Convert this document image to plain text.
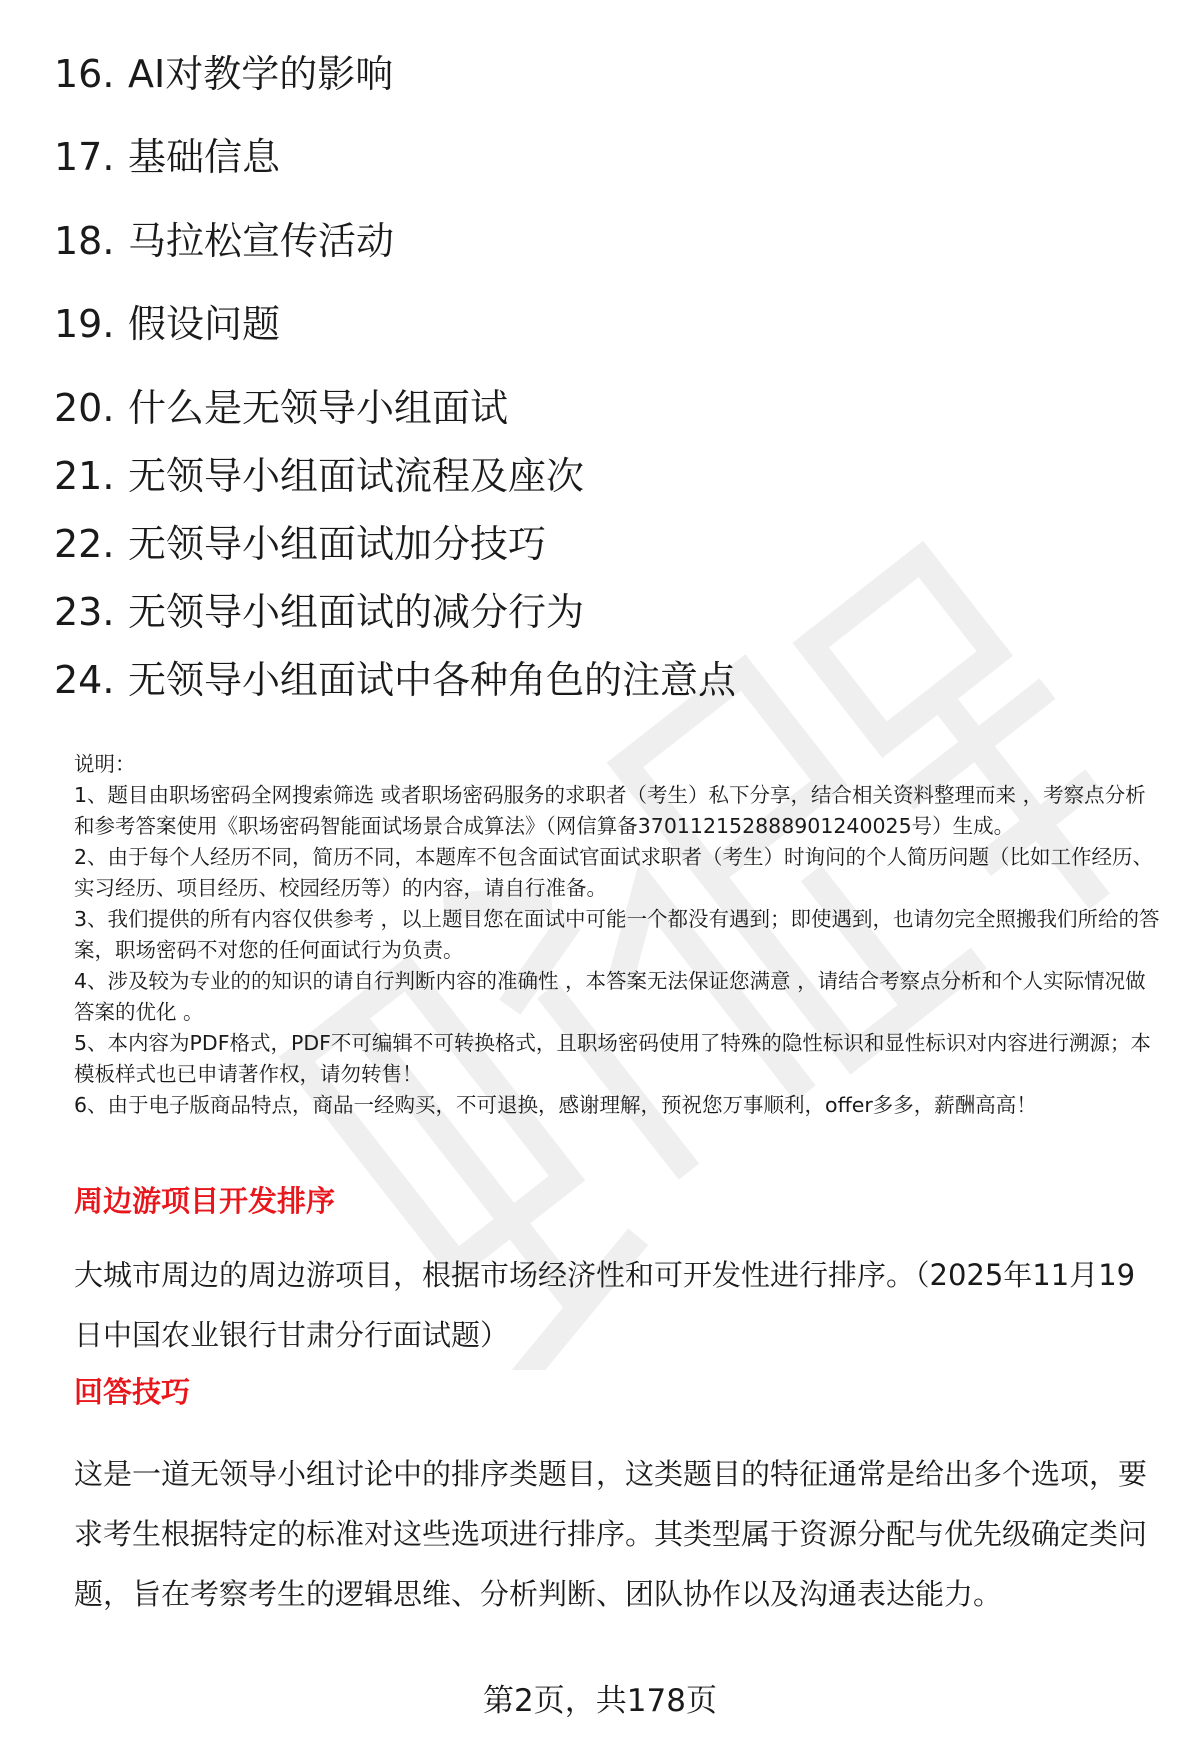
16. AI对教学的影响
17. 基础信息
18. 马拉松宣传活动
19. 假设问题
20. 什么是无领导小组面试
21. 无领导小组面试流程及座次
22. 无领导小组面试加分技巧
23. 无领导小组面试的减分行为
24. 无领导小组面试中各种角色的注意点

说明：

1、题目由职场密码全网搜索筛选 或者职场密码服务的求职者（考生）私下分享，结合相关资料整理而来 ，考察点分析和参考答案使用《职场密码智能面试场景合成算法》（网信算备370112152888901240025号）生成。

2、由于每个人经历不同，简历不同，本题库不包含面试官面试求职者（考生）时询问的个人简历问题（比如工作经历、实习经历、项目经历、校园经历等）的内容，请自行准备。

3、我们提供的所有内容仅供参考 ，以上题目您在面试中可能一个都没有遇到；即使遇到，也请勿完全照搬我们所给的答案，职场密码不对您的任何面试行为负责。

4、涉及较为专业的的知识的请自行判断内容的准确性 ，本答案无法保证您满意 ，请结合考察点分析和个人实际情况做答案的优化 。

5、本内容为PDF格式，PDF不可编辑不可转换格式，且职场密码使用了特殊的隐性标识和显性标识对内容进行溯源；本模板样式也已申请著作权，请勿转售！

6、由于电子版商品特点，商品一经购买，不可退换，感谢理解，预祝您万事顺利，offer多多，薪酬高高！

周边游项目开发排序
大城市周边的周边游项目，根据市场经济性和可开发性进行排序。（2025年11月19日中国农业银行甘肃分行面试题）
回答技巧
这是一道无领导小组讨论中的排序类题目，这类题目的特征通常是给出多个选项，要求考生根据特定的标准对这些选项进行排序。其类型属于资源分配与优先级确定类问题，旨在考察考生的逻辑思维、分析判断、团队协作以及沟通表达能力。
第2页，共178页
